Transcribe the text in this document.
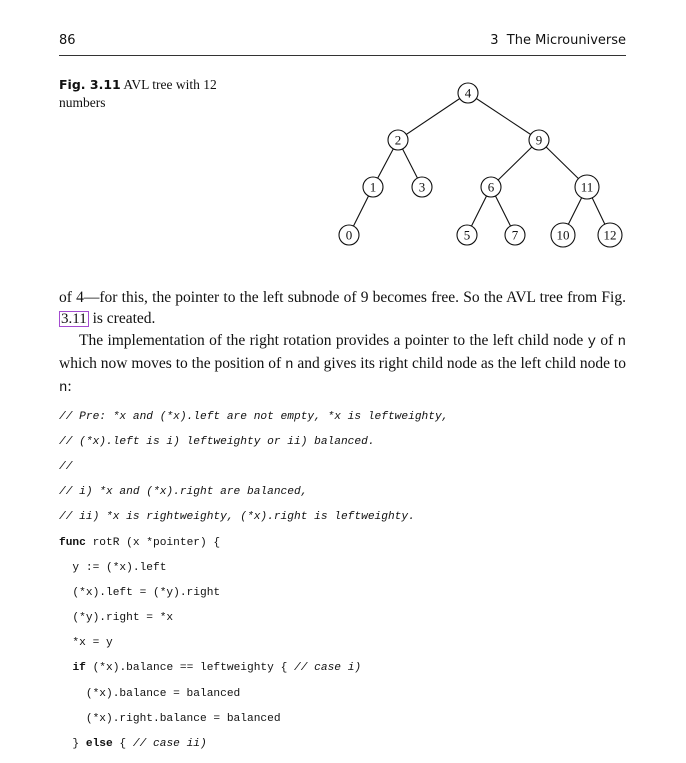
86	3  The Microuniverse
Fig. 3.11 AVL tree with 12 numbers
4
2	9
1	3	6	11
0	5	7	10	12

of 4—for this, the pointer to the left subnode of 9 becomes free. So the AVL tree from Fig.3.11 is created.

The implementation of the right rotation provides a pointer to the left child node y of n which now moves to the position of n and gives its right child node as the left child node to n:

// Pre: *x and (*x).left are not empty, *x is leftweighty,

// (*x).left is i) leftweighty or ii) balanced.

//

// i) *x and (*x).right are balanced,

// ii) *x is rightweighty, (*x).right is leftweighty.

func rotR (x *pointer) {

y := (*x).left

(*x).left = (*y).right

(*y).right = *x

*x = y

if (*x).balance == leftweighty { // case i)

(*x).balance = balanced

(*x).right.balance = balanced

} else { // case ii)
